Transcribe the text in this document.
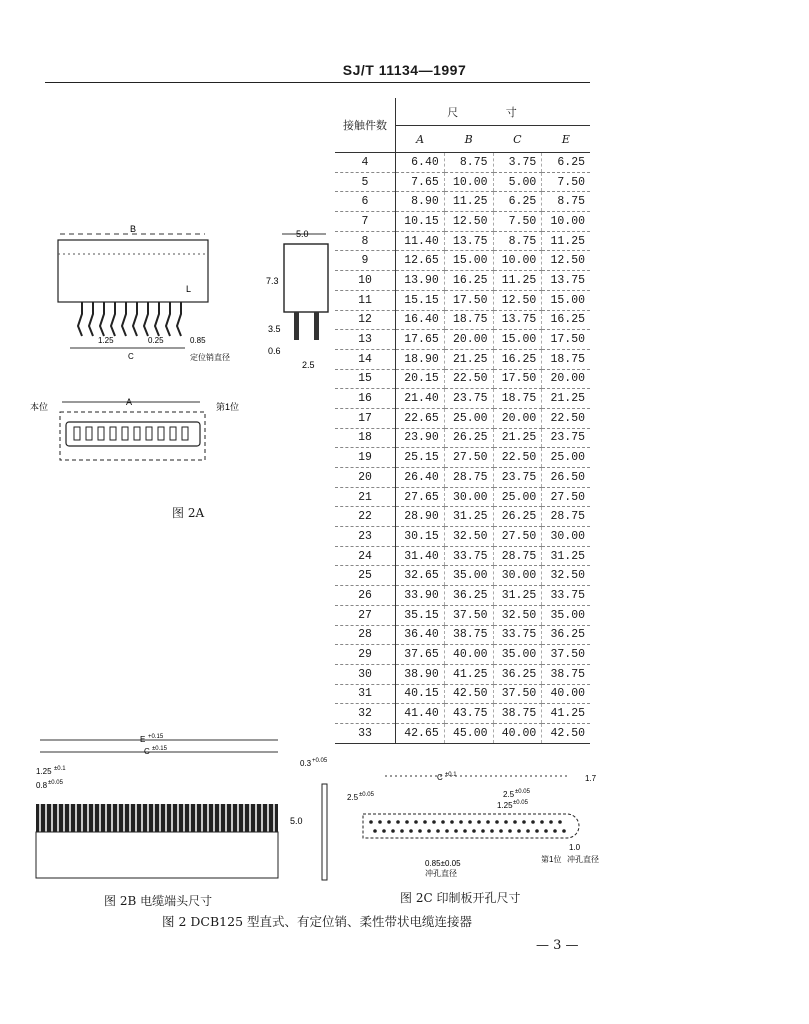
SJ/T 11134—1997
接触件数	尺 寸			
	A	B	C	E
4	6.40	8.75	3.75	6.25
5	7.65	10.00	5.00	7.50
6	8.90	11.25	6.25	8.75
7	10.15	12.50	7.50	10.00
8	11.40	13.75	8.75	11.25
9	12.65	15.00	10.00	12.50
10	13.90	16.25	11.25	13.75
11	15.15	17.50	12.50	15.00
12	16.40	18.75	13.75	16.25
13	17.65	20.00	15.00	17.50
14	18.90	21.25	16.25	18.75
15	20.15	22.50	17.50	20.00
16	21.40	23.75	18.75	21.25
17	22.65	25.00	20.00	22.50
18	23.90	26.25	21.25	23.75
19	25.15	27.50	22.50	25.00
20	26.40	28.75	23.75	26.50
21	27.65	30.00	25.00	27.50
22	28.90	31.25	26.25	28.75
23	30.15	32.50	27.50	30.00
24	31.40	33.75	28.75	31.25
25	32.65	35.00	30.00	32.50
26	33.90	36.25	31.25	33.75
27	35.15	37.50	32.50	35.00
28	36.40	38.75	33.75	36.25
29	37.65	40.00	35.00	37.50
30	38.90	41.25	36.25	38.75
31	40.15	42.50	37.50	40.00
32	41.40	43.75	38.75	41.25
33	42.65	45.00	40.00	42.50
B
L
1.25	0.25	0.85
C	定位销直径
5.0
7.3
3.5
0.6
2.5
本位	A	第1位
图 2A
E +0.15
C ±0.15
1.25 ±0.1
0.8 ±0.05
0.3 +0.05
5.0
图 2B 电缆端头尺寸
C ±0.1	1.7
2.5 ±0.05
2.5 ±0.05
1.25 ±0.05
1.0
0.85±0.05
冲孔直径
第1位 冲孔直径
图 2C 印制板开孔尺寸
图 2 DCB125 型直式、有定位销、柔性带状电缆连接器
— 3 —
